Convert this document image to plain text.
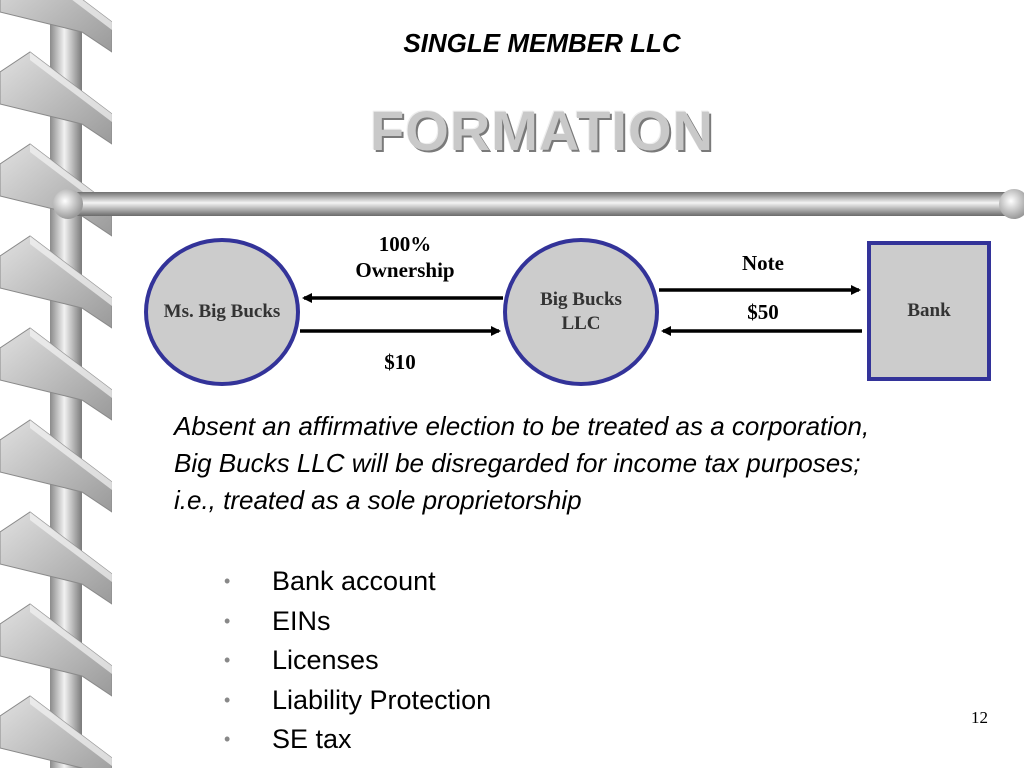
SINGLE MEMBER LLC
FORMATION
Ms. Big Bucks
Big Bucks
LLC
Bank
100%
Ownership
$10
Note
$50
Absent an affirmative election to be treated as a corporation, Big Bucks LLC will be disregarded for income tax purposes; i.e., treated as a sole proprietorship
•	Bank account
•	EINs
•	Licenses
•	Liability Protection
•	SE tax
12
